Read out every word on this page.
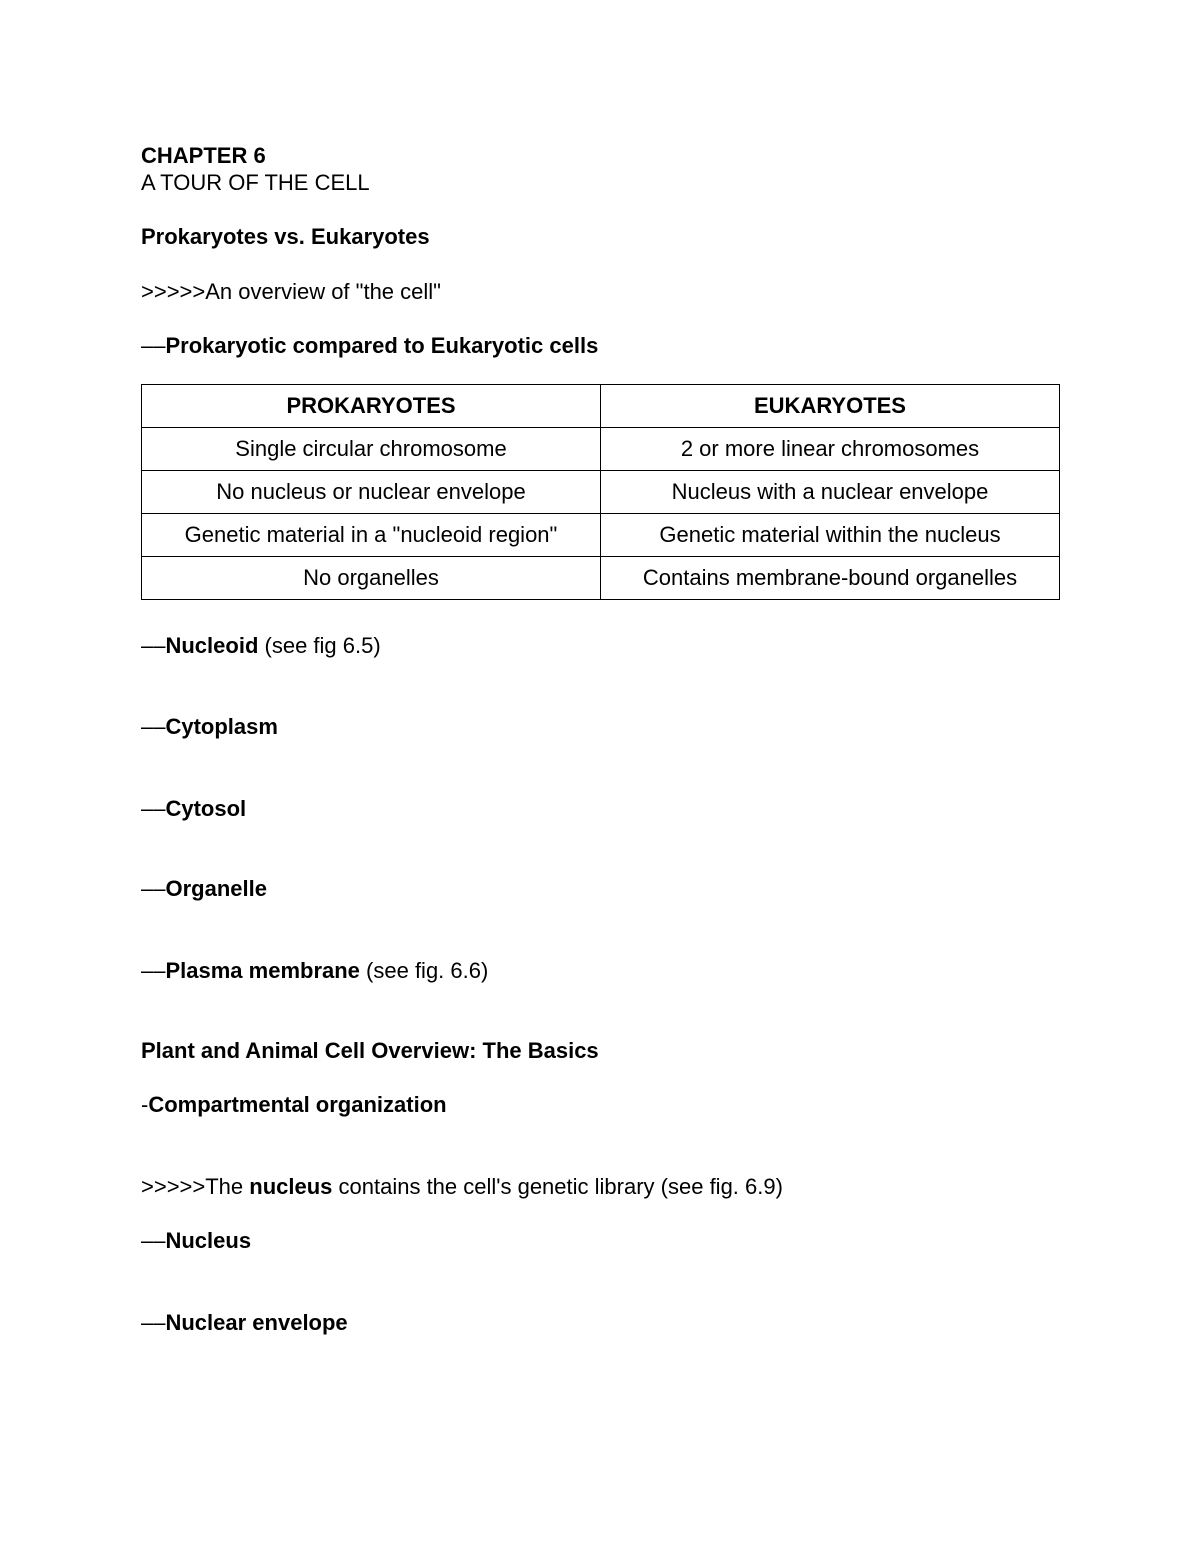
CHAPTER 6
A TOUR OF THE CELL
Prokaryotes vs. Eukaryotes
>>>>>An overview of "the cell"
––Prokaryotic compared to Eukaryotic cells
PROKARYOTES	EUKARYOTES
Single circular chromosome	2 or more linear chromosomes
No nucleus or nuclear envelope	Nucleus with a nuclear envelope
Genetic material in a "nucleoid region"	Genetic material within the nucleus
No organelles	Contains membrane-bound organelles
––Nucleoid (see fig 6.5)
––Cytoplasm
––Cytosol
––Organelle
––Plasma membrane (see fig. 6.6)
Plant and Animal Cell Overview: The Basics
-Compartmental organization
>>>>>The nucleus contains the cell's genetic library (see fig. 6.9)
––Nucleus
––Nuclear envelope
